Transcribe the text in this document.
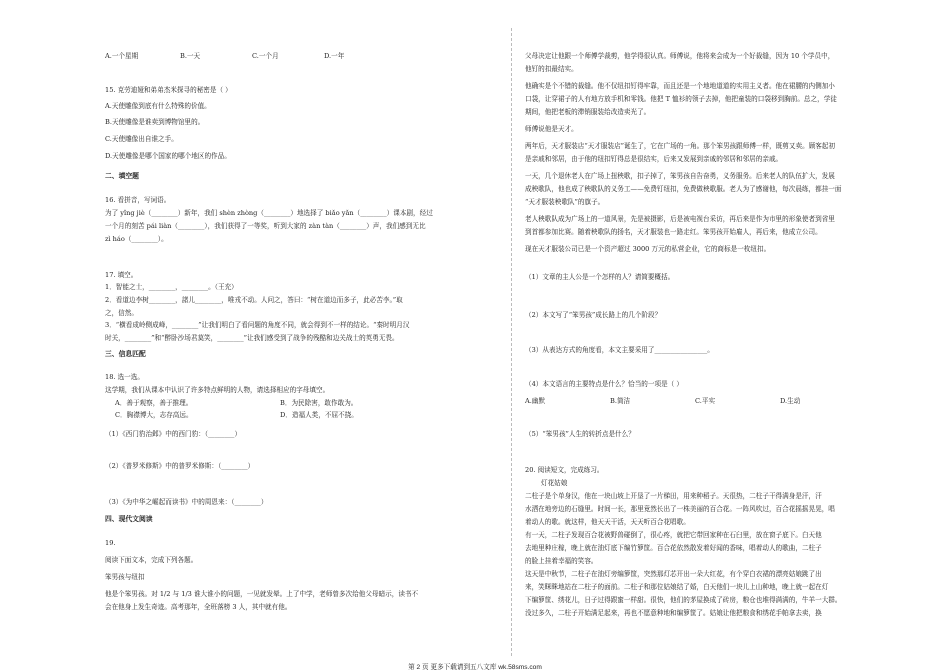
A.一个星期	B.一天	C.一个月	D.一年
15. 克劳迪娅和弟弟杰米探寻的秘密是（ ）
A.天使雕像到底有什么特殊的价值。
B.天使雕像是谁卖到博物馆里的。
C.天使雕像出自谁之手。
D.天使雕像是哪个国家的哪个地区的作品。
二、填空题
16. 看拼音，写词语。
为了 yǐng jiè（________）新年，我们 shèn zhòng（________）地选择了 biǎo yǎn（________）课本剧，经过
一个月的刻苦 pái liàn（________），我们获得了一等奖，听到大家的 zàn tàn（________）声，我们感到无比
zì háo（________）。
17. 填空。
1．智能之士，________，________。（王充）
2．看道边李树________，諸儿________，唯戎不动。人问之，答曰：“树在道边而多子，此必苦李。”取
之，信然。
3．“横看成岭侧成峰，________”让我们明白了看问题的角度不同，就会得到不一样的结论。“秦时明月汉
时关，________”和“醉卧沙场君莫笑，________”让我们感受到了战争的残酷和边关战士的英勇无畏。
三、信息匹配
18. 选一选。
这学期，我们从课本中认识了许多特点鲜明的人物，请选择相应的字母填空。
A．善于观察，善于推理。	B．为民除害，敢作敢为。
C．胸襟博大，志存高远。	D．造福人类，不屈不挠。
（1）《西门豹治邺》中的西门豹：（________）
（2）《普罗米修斯》中的普罗米修斯：（________）
（3）《为中华之崛起而读书》中的周恩来：（________）
四、现代文阅读
19.
阅读下面文本，完成下列各题。
笨男孩与纽扣
他是个笨男孩。对 1/2 与 1/3 谁大谁小的问题，一见就发晕。上了中学，老师曾多次给他父母暗示，读书不
会在他身上发生奇迹。高考那年，全班落榜 3 人，其中就有他。
父母决定让他跟一个师傅学裁剪，他学得很认真。师傅说，他将来会成为一个好裁缝，因为 10 个学员中，
他钉的扣最结实。
他确实是个不错的裁缝。他不仅纽扣钉得牢靠，而且还是一个地地道道的实用主义者。他在裙腰的内侧加小
口袋，让穿裙子的人有地方放手机和零钱。他把 T 恤衫的领子去掉，他把童装的口袋移到胸前。总之，学徒
期间，他把老板的滞销服装给改造卖光了。
师傅说他是天才。
两年后，天才服装店“天才服装店”诞生了，它在广场的一角。那个笨男孩跟师傅一样，既剪又卖。顾客起初
是亲戚和邻居，由于他的纽扣钉得总是很结实，后来又发展到亲戚的邻居和邻居的亲戚。
一天，几个退休老人在广场上扭秧歌，扣子掉了，笨男孩自告奋勇，义务服务。后来老人的队伍扩大，发展
成秧歌队，他也成了秧歌队的义务工——免费钉纽扣，免费做秧歌服。老人为了感谢他，每次晨练，都挂一面
“天才服装秧歌队”的旗子。
老人秧歌队成为广场上的一道风景，先是被摄影，后是被电视台采访，再后来是作为市里的形象使者到省里
到首都参加比赛。随着秧歌队的扬名，天才服装也一路走红。笨男孩开始雇人，再后来，他成立公司。
现在天才服装公司已是一个资产超过 3000 万元的私营企业，它的商标是一枚纽扣。
（1）文章的主人公是一个怎样的人？请简要概括。
（2）本文写了“笨男孩”成长路上的几个阶段？
（3）从表达方式的角度看，本文主要采用了________________。
（4）本文语言的主要特点是什么？恰当的一项是（ ）
A.幽默	B.简洁	C.平实	D.生动
（5）“笨男孩”人生的转折点是什么？
20. 阅读短文，完成练习。
灯花姑娘
二柱子是个单身汉，他在一块山坡上开垦了一片梯田，用来种稻子。天很热，二柱子干得满身是汗，汗
水洒在地旁边的石缝里。时间一长，那里竟然长出了一株美丽的百合花。一阵风吹过，百合花摇摇晃晃，唱
着动人的歌。就这样，他天天干活，天天听百合花唱歌。
有一天，二柱子发现百合花被野兽碰倒了，很心疼，就把它带回家种在石臼里，放在窗子底下。白天他
去地里种庄稼，晚上就在油灯底下编竹箩筐。百合花依然散发着好闻的香味，唱着动人的歌曲，二柱子
的脸上挂着幸福的笑容。
这天是中秋节，二柱子在油灯旁编箩筐，突然那灯芯开出一朵大红花，有个穿白衣裙的漂亮姑娘跳了出
来，笑眯眯地站在二柱子的面前。二柱子和那位姑娘结了婚，白天他们一块儿上山种地，晚上就一起在灯
下编箩筐、绣花儿，日子过得跟蜜一样甜。很快，他们的茅屋换成了砖房，粮仓也堆得满满的，牛羊一大群。
没过多久，二柱子开始满足起来，再也不愿意种地和编箩筐了。姑娘让他把粮食和绣花手帕拿去卖，换
第 2 页 更多下载请到五八文库 wk.58sms.com
